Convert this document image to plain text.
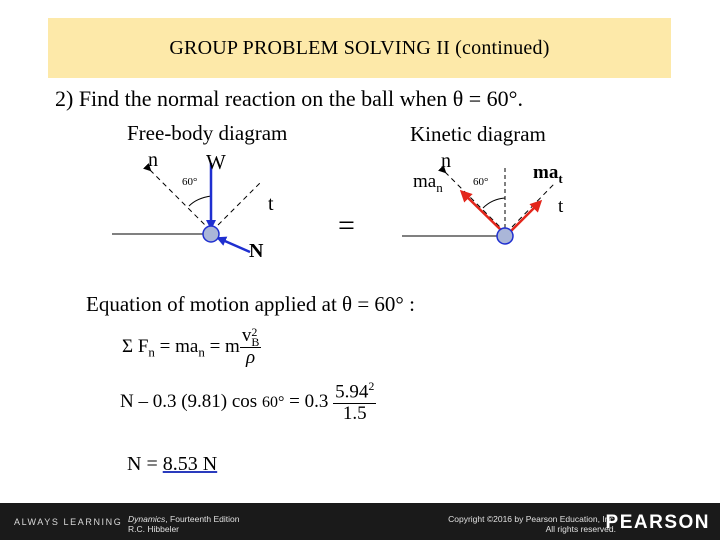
GROUP PROBLEM SOLVING II (continued)
2) Find the normal reaction on the ball when θ = 60°.
Free-body diagram
n W
60°
t
N
=
Kinetic diagram
n
$ma_n$	60° $ma_t$
t
Equation of motion applied at θ = 60° :
Σ $F_n = ma_n = m$ v 2
B
ρ
N – 0.3 (9.81) $\cos 60^\circ = 0.3 \frac{5.94^2}{1.5}$
N = 8.53 N
ALWAYS LEARNING Dynamics, Fourteenth Edition
R.C. Hibbeler
Copyright ©2016 by Pearson Education, Inc.
All rights reserved.
PEARSON
